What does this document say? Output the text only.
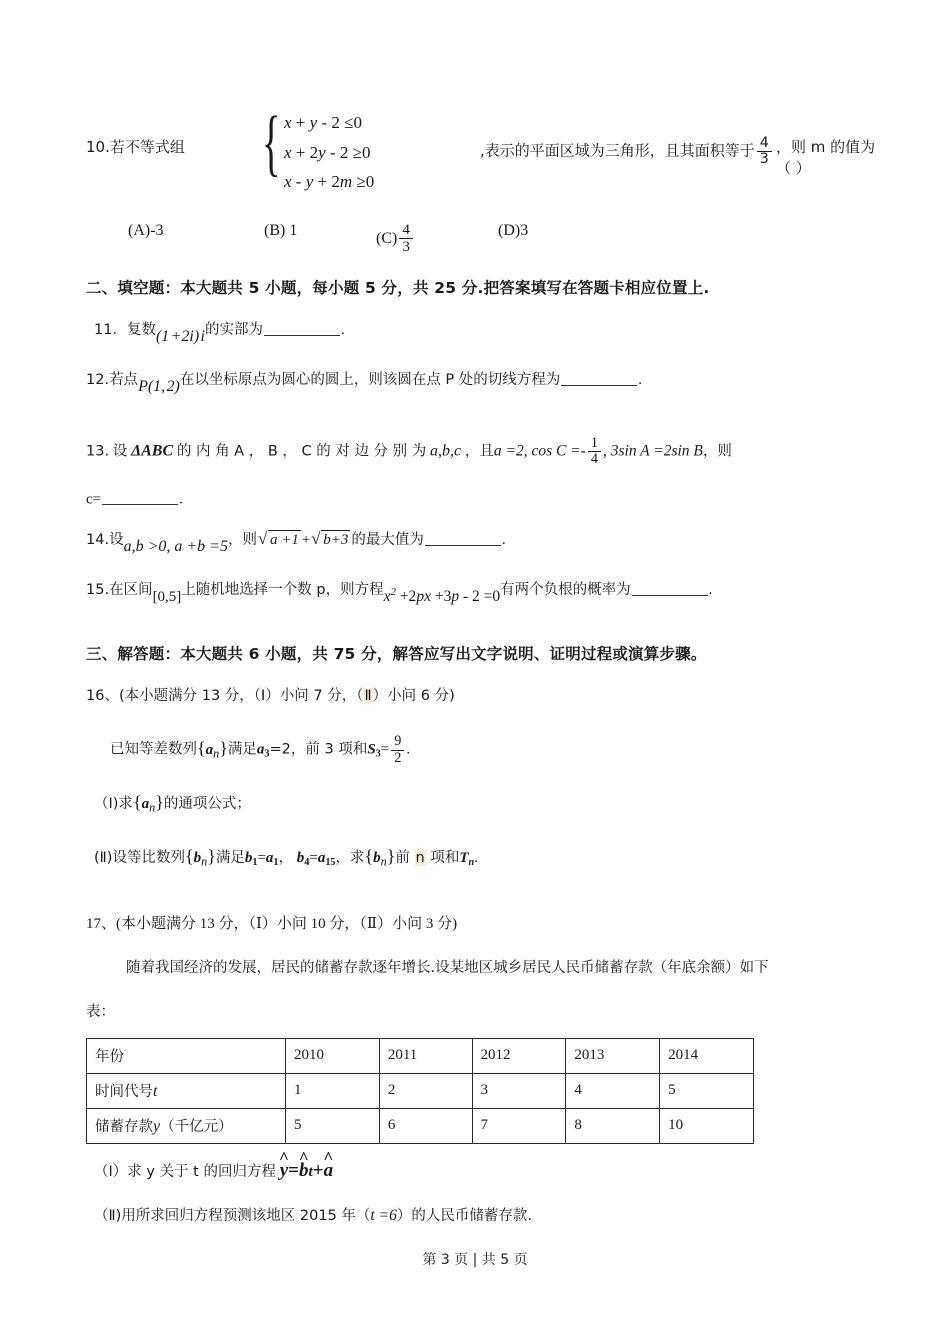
10.若不等式组 { x + y - 2 ≤0
x + 2y - 2 ≥0
x - y + 2m ≥0
,表示的平面区域为三角形，且其面积等于 $\frac{4}{3}$ ，则 m 的值为（ ）
(A)-3	(B) 1	$(C) \frac{4}{3}$	(D)3
二、填空题：本大题共 5 小题，每小题 5 分，共 25 分.把答案填写在答题卡相应位置上.
11．复数(1 +2i) i的实部为	.
12.若点P(1, 2)在以坐标原点为圆心的圆上，则该圆在点 P 处的切线方程为	.
13. 设 ΔABC 的 内 角 A ， B ， C 的 对 边 分 别 为 a,b,c ，且a =2, $\cos C =- \frac{1}{4}$ , 3sin A =2sin B，则
c=	.
14.设a,b >0, a +b =5，则 √ a +1 + √ b+3 的最大值为	.
15.在区间[0,5]上随机地选择一个数 p，则方程$x^2 +2px +3p - 2 =0$有两个负根的概率为	.
三、解答题：本大题共 6 小题，共 75 分，解答应写出文字说明、证明过程或演算步骤。
16、(本小题满分 13 分，（Ⅰ）小问 7 分，（Ⅱ）小问 6 分)
已知等差数列$\{a_n\}$满足a3=2，前 3 项和$S3= \frac{9}{2}$ .
（Ⅰ)求$\{a_n\}$的通项公式；
(Ⅱ)设等比数列$\{b_n\}$满足b1=a1， b4=a15，求$\{b_n\}$前 n 项和$T_n$.
17、(本小题满分 13 分，（Ⅰ）小问 10 分，（Ⅱ）小问 3 分)
随着我国经济的发展，居民的储蓄存款逐年增长.设某地区城乡居民人民币储蓄存款（年底余额）如下
表：
年份	2010	2011	2012	2013	2014
时间代号t	1	2	3	4	5
储蓄存款y（千亿元）	5	6	7	8	10
（Ⅰ）求 y 关于 t 的回归方程 ^ y=^ bt+^ a
（Ⅱ)用所求回归方程预测该地区 2015 年（t =6）的人民币储蓄存款.
第 3 页 | 共 5 页
